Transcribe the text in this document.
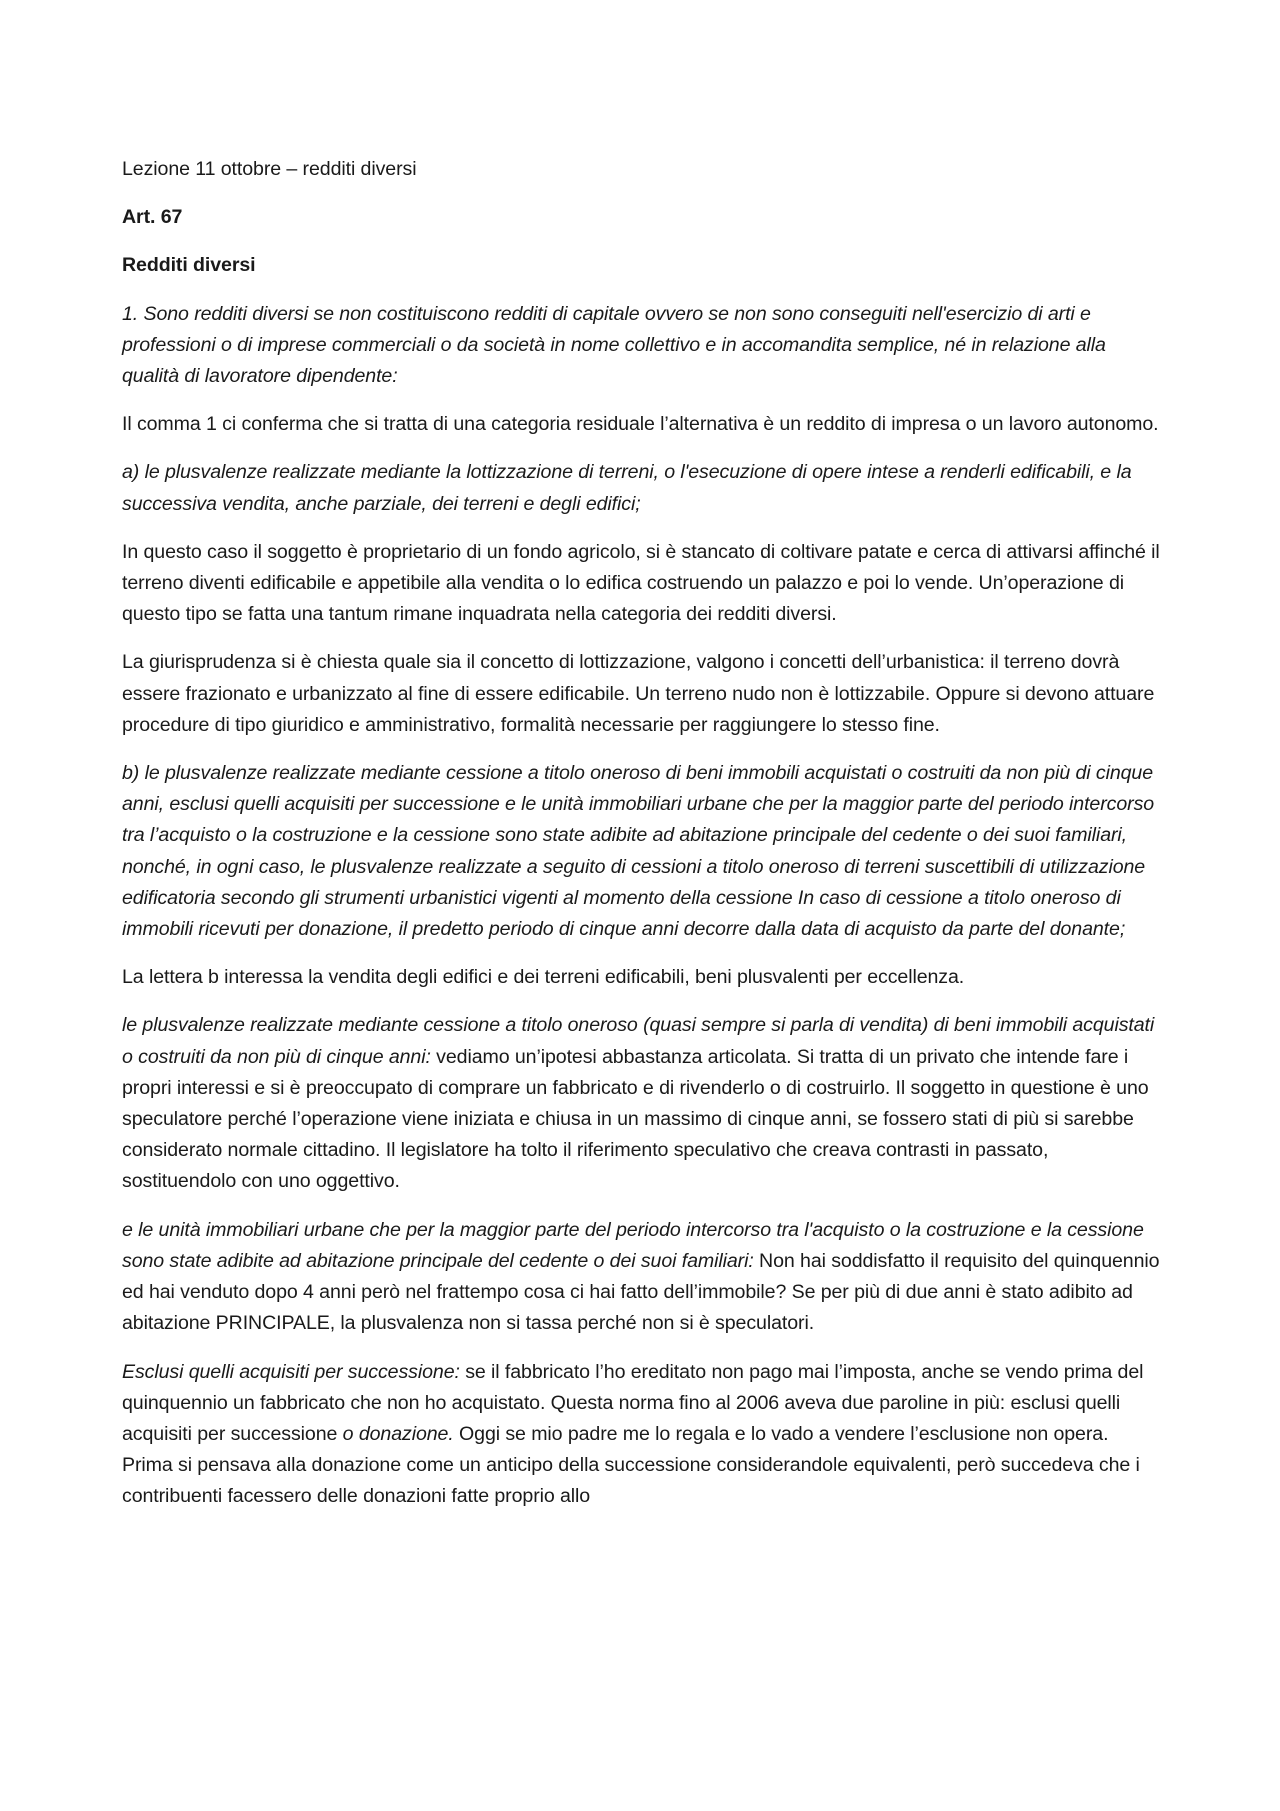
Lezione 11 ottobre – redditi diversi

Art. 67

Redditi diversi

1. Sono redditi diversi se non costituiscono redditi di capitale ovvero se non sono conseguiti nell'esercizio di arti e professioni o di imprese commerciali o da società in nome collettivo e in accomandita semplice, né in relazione alla qualità di lavoratore dipendente:

Il comma 1 ci conferma che si tratta di una categoria residuale l’alternativa è un reddito di impresa o un lavoro autonomo.

a) le plusvalenze realizzate mediante la lottizzazione di terreni, o l'esecuzione di opere intese a renderli edificabili, e la successiva vendita, anche parziale, dei terreni e degli edifici;

In questo caso il soggetto è proprietario di un fondo agricolo, si è stancato di coltivare patate e cerca di attivarsi affinché il terreno diventi edificabile e appetibile alla vendita o lo edifica costruendo un palazzo e poi lo vende. Un’operazione di questo tipo se fatta una tantum rimane inquadrata nella categoria dei redditi diversi.

La giurisprudenza si è chiesta quale sia il concetto di lottizzazione, valgono i concetti dell’urbanistica: il terreno dovrà essere frazionato e urbanizzato al fine di essere edificabile. Un terreno nudo non è lottizzabile. Oppure si devono attuare procedure di tipo giuridico e amministrativo, formalità necessarie per raggiungere lo stesso fine.

b) le plusvalenze realizzate mediante cessione a titolo oneroso di beni immobili acquistati o costruiti da non più di cinque anni, esclusi quelli acquisiti per successione e le unità immobiliari urbane che per la maggior parte del periodo intercorso tra l’acquisto o la costruzione e la cessione sono state adibite ad abitazione principale del cedente o dei suoi familiari, nonché, in ogni caso, le plusvalenze realizzate a seguito di cessioni a titolo oneroso di terreni suscettibili di utilizzazione edificatoria secondo gli strumenti urbanistici vigenti al momento della cessione In caso di cessione a titolo oneroso di immobili ricevuti per donazione, il predetto periodo di cinque anni decorre dalla data di acquisto da parte del donante;

La lettera b interessa la vendita degli edifici e dei terreni edificabili, beni plusvalenti per eccellenza.

le plusvalenze realizzate mediante cessione a titolo oneroso (quasi sempre si parla di vendita) di beni immobili acquistati o costruiti da non più di cinque anni: vediamo un’ipotesi abbastanza articolata. Si tratta di un privato che intende fare i propri interessi e si è preoccupato di comprare un fabbricato e di rivenderlo o di costruirlo. Il soggetto in questione è uno speculatore perché l’operazione viene iniziata e chiusa in un massimo di cinque anni, se fossero stati di più si sarebbe considerato normale cittadino. Il legislatore ha tolto il riferimento speculativo che creava contrasti in passato, sostituendolo con uno oggettivo.

e le unità immobiliari urbane che per la maggior parte del periodo intercorso tra l'acquisto o la costruzione e la cessione sono state adibite ad abitazione principale del cedente o dei suoi familiari: Non hai soddisfatto il requisito del quinquennio ed hai venduto dopo 4 anni però nel frattempo cosa ci hai fatto dell’immobile? Se per più di due anni è stato adibito ad abitazione PRINCIPALE, la plusvalenza non si tassa perché non si è speculatori.

Esclusi quelli acquisiti per successione: se il fabbricato l’ho ereditato non pago mai l’imposta, anche se vendo prima del quinquennio un fabbricato che non ho acquistato. Questa norma fino al 2006 aveva due paroline in più: esclusi quelli acquisiti per successione o donazione. Oggi se mio padre me lo regala e lo vado a vendere l’esclusione non opera. Prima si pensava alla donazione come un anticipo della successione considerandole equivalenti, però succedeva che i contribuenti facessero delle donazioni fatte proprio allo
